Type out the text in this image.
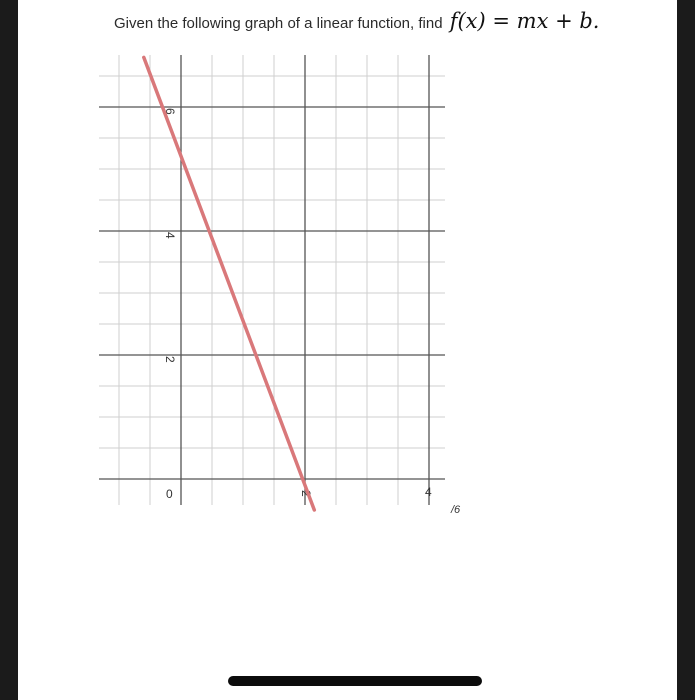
Given the following graph of a linear function, find f(x) = mx + b.
6
4
2
0	2	4
/6
